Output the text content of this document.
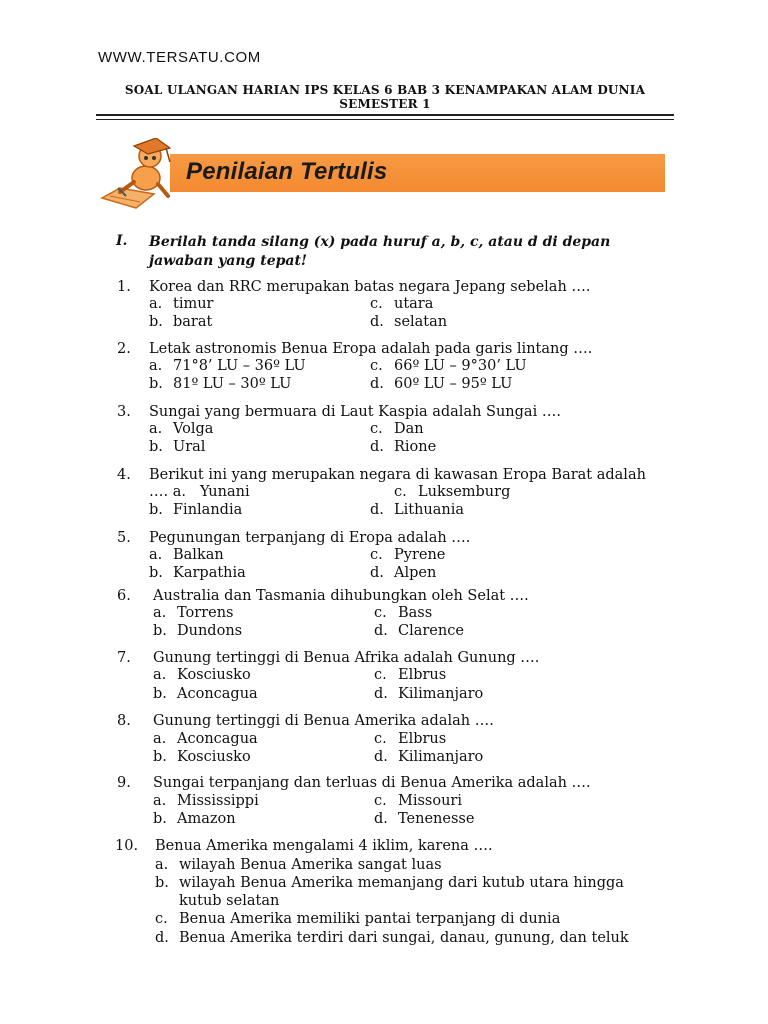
WWW.TERSATU.COM
SOAL ULANGAN HARIAN IPS KELAS 6 BAB 3 KENAMPAKAN ALAM DUNIA
SEMESTER 1
Penilaian Tertulis
I. Berilah tanda silang (x) pada huruf a, b, c, atau d di depan jawaban yang tepat!
1. Korea dan RRC merupakan batas negara Jepang sebelah ….
a. timur	c. utara
b. barat	d. selatan
2. Letak astronomis Benua Eropa adalah pada garis lintang ….
a. 71°8’ LU – 36º LU	c. 66º LU – 9°30’ LU
b. 81º LU – 30º LU	d. 60º LU – 95º LU
3. Sungai yang bermuara di Laut Kaspia adalah Sungai ….
a. Volga	c. Dan
b. Ural	d. Rione
4. Berikut ini yang merupakan negara di kawasan Eropa Barat adalah
…. a. Yunani	c. Luksemburg
b. Finlandia	d. Lithuania
5. Pegunungan terpanjang di Eropa adalah ….
a. Balkan	c. Pyrene
b. Karpathia	d. Alpen
6. Australia dan Tasmania dihubungkan oleh Selat ….
a. Torrens	c. Bass
b. Dundons	d. Clarence
7. Gunung tertinggi di Benua Afrika adalah Gunung ….
a. Kosciusko	c. Elbrus
b. Aconcagua	d. Kilimanjaro
8. Gunung tertinggi di Benua Amerika adalah ….
a. Aconcagua	c. Elbrus
b. Kosciusko	d. Kilimanjaro
9. Sungai terpanjang dan terluas di Benua Amerika adalah ….
a. Mississippi	c. Missouri
b. Amazon	d. Tenenesse
10. Benua Amerika mengalami 4 iklim, karena ….
a. wilayah Benua Amerika sangat luas
b. wilayah Benua Amerika memanjang dari kutub utara hingga kutub selatan
c. Benua Amerika memiliki pantai terpanjang di dunia
d. Benua Amerika terdiri dari sungai, danau, gunung, dan teluk
